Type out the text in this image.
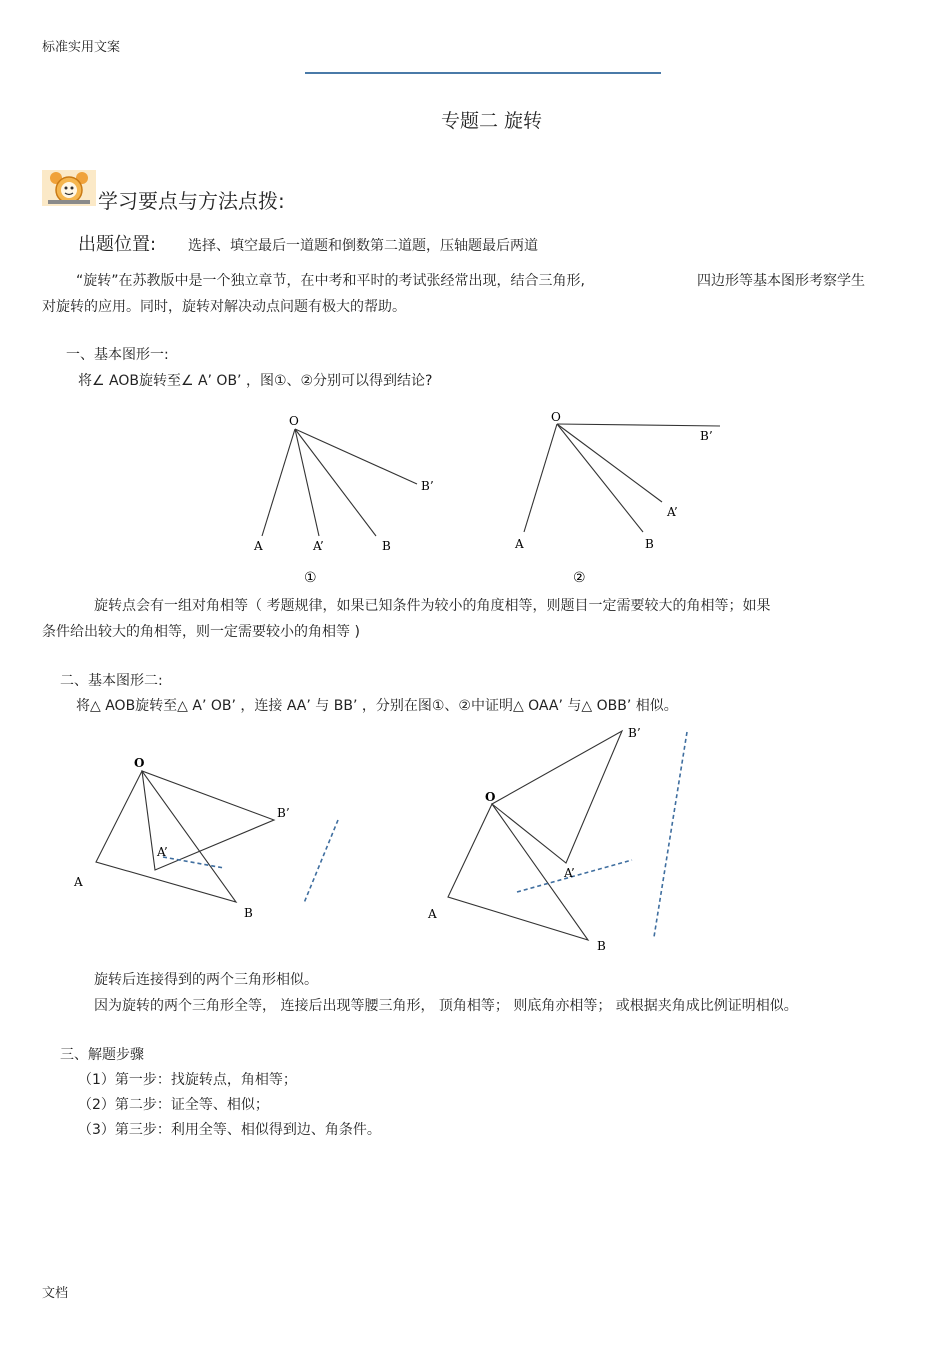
标准实用文案
专题二 旋转
学习要点与方法点拨:
出题位置: 选择、填空最后一道题和倒数第二道题，压轴题最后两道
“旋转”在苏教版中是一个独立章节，在中考和平时的考试张经常出现，结合三角形,	四边形等基本图形考察学生
对旋转的应用。同时，旋转对解决动点问题有极大的帮助。
一、基本图形一:
将∠ AOB旋转至∠ A’ OB’ ，图①、②分别可以得到结论?
O
A	A’	B
B’
①
O
A	B
A’
B’
②
O
A
A’
B
B’
O
A
A’
B
B’
旋转点会有一组对角相等（ 考题规律，如果已知条件为较小的角度相等，则题目一定需要较大的角相等；如果
条件给出较大的角相等，则一定需要较小的角相等 )
二、基本图形二:
将△ AOB旋转至△ A’ OB’ ，连接 AA’ 与 BB’ ，分别在图①、②中证明△ OAA’ 与△ OBB’ 相似。
旋转后连接得到的两个三角形相似。
因为旋转的两个三角形全等， 连接后出现等腰三角形， 顶角相等； 则底角亦相等； 或根据夹角成比例证明相似。
三、解题步骤
（1）第一步：找旋转点，角相等；
（2）第二步：证全等、相似；
（3）第三步：利用全等、相似得到边、角条件。
文档
